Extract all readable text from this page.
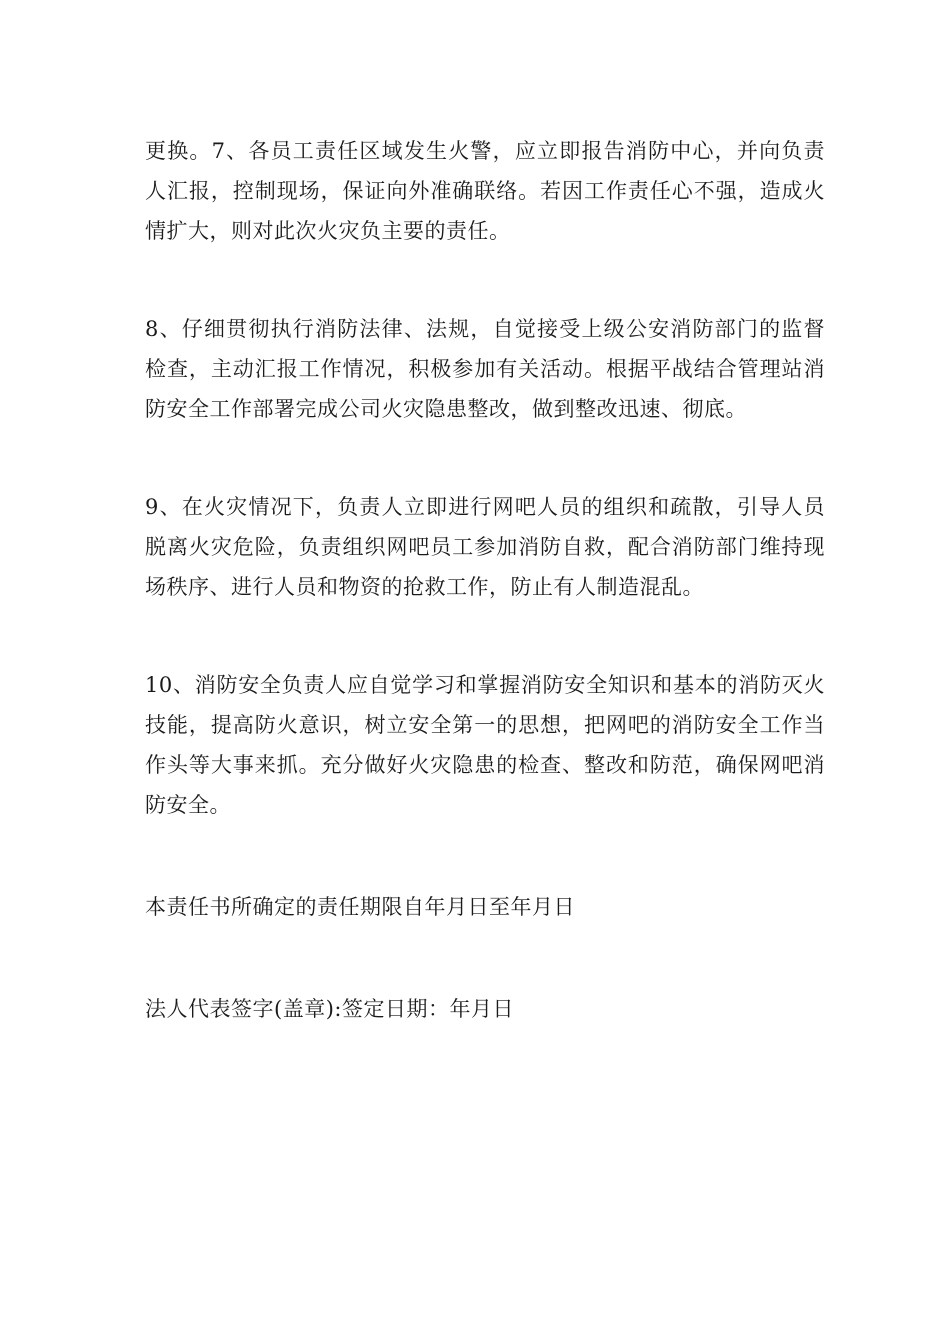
更换。7、各员工责任区域发生火警，应立即报告消防中心，并向负责人汇报，控制现场，保证向外准确联络。若因工作责任心不强，造成火情扩大，则对此次火灾负主要的责任。

8、仔细贯彻执行消防法律、法规，自觉接受上级公安消防部门的监督检查，主动汇报工作情况，积极参加有关活动。根据平战结合管理站消防安全工作部署完成公司火灾隐患整改，做到整改迅速、彻底。

9、在火灾情况下，负责人立即进行网吧人员的组织和疏散，引导人员脱离火灾危险，负责组织网吧员工参加消防自救，配合消防部门维持现场秩序、进行人员和物资的抢救工作，防止有人制造混乱。

10、消防安全负责人应自觉学习和掌握消防安全知识和基本的消防灭火技能，提高防火意识，树立安全第一的思想，把网吧的消防安全工作当作头等大事来抓。充分做好火灾隐患的检查、整改和防范，确保网吧消防安全。

本责任书所确定的责任期限自年月日至年月日

法人代表签字(盖章):签定日期：年月日
